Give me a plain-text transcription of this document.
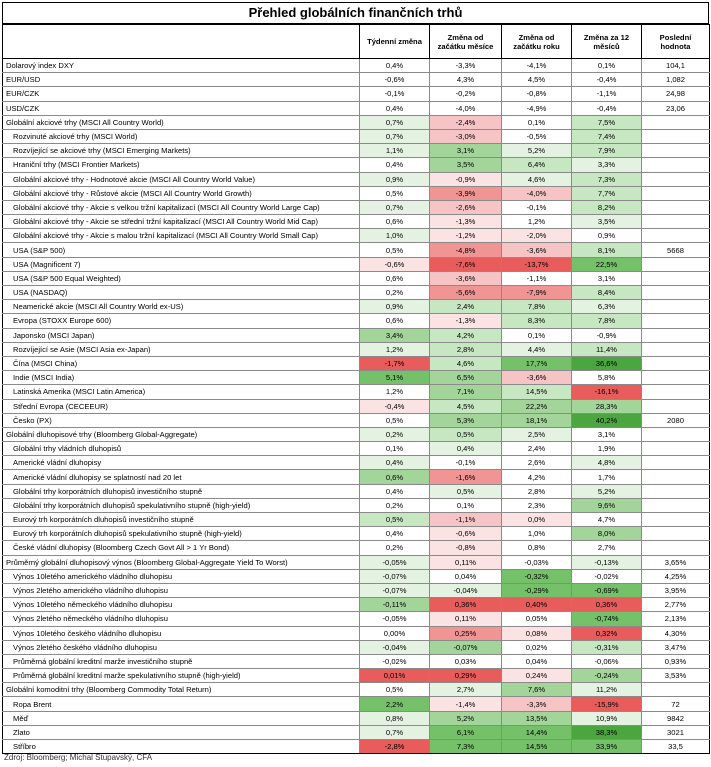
Přehled globálních finančních trhů
	Týdenní změna	Změna od začátku měsíce	Změna od začátku roku	Změna za 12 měsíců	Poslední hodnota
Dolarový index DXY	0,4%	-3,3%	-4,1%	0,1%	104,1
EUR/USD	-0,6%	4,3%	4,5%	-0,4%	1,082
EUR/CZK	-0,1%	-0,2%	-0,8%	-1,1%	24,98
USD/CZK	0,4%	-4,0%	-4,9%	-0,4%	23,06
Globální akciové trhy (MSCI All Country World)	0,7%	-2,4%	0,1%	7,5%	
Rozvinuté akciové trhy (MSCI World)	0,7%	-3,0%	-0,5%	7,4%	
Rozvíjející se akciové trhy (MSCI Emerging Markets)	1,1%	3,1%	5,2%	7,9%	
Hraniční trhy (MSCI Frontier Markets)	0,4%	3,5%	6,4%	3,3%	
Globální akciové trhy - Hodnotové akcie (MSCI All Country World Value)	0,9%	-0,9%	4,6%	7,3%	
Globální akciové trhy - Růstové akcie (MSCI All Country World Growth)	0,5%	-3,9%	-4,0%	7,7%	
Globální akciové trhy - Akcie s velkou tržní kapitalizací (MSCI All Country World Large Cap)	0,7%	-2,6%	-0,1%	8,2%	
Globální akciové trhy - Akcie se střední tržní kapitalizací (MSCI All Country World Mid Cap)	0,6%	-1,3%	1,2%	3,5%	
Globální akciové trhy - Akcie s malou tržní kapitalizací (MSCI All Country World Small Cap)	1,0%	-1,2%	-2,0%	0,9%	
USA (S&P 500)	0,5%	-4,8%	-3,6%	8,1%	5668
USA (Magnificent 7)	-0,6%	-7,6%	-13,7%	22,5%	
USA (S&P 500 Equal Weighted)	0,6%	-3,6%	-1,1%	3,1%	
USA (NASDAQ)	0,2%	-5,6%	-7,9%	8,4%	
Neamerické akcie (MSCI All Country World ex-US)	0,9%	2,4%	7,8%	6,3%	
Evropa (STOXX Europe 600)	0,6%	-1,3%	8,3%	7,8%	
Japonsko (MSCI Japan)	3,4%	4,2%	0,1%	-0,9%	
Rozvíjející se Asie (MSCI Asia ex-Japan)	1,2%	2,8%	4,4%	11,4%	
Čína (MSCI China)	-1,7%	4,6%	17,7%	36,6%	
Indie (MSCI India)	5,1%	6,5%	-3,6%	5,8%	
Latinská Amerika (MSCI Latin America)	1,2%	7,1%	14,5%	-16,1%	
Střední Evropa (CECEEUR)	-0,4%	4,5%	22,2%	28,3%	
Česko (PX)	0,5%	5,3%	18,1%	40,2%	2080
Globální dluhopisové trhy (Bloomberg Global-Aggregate)	0,2%	0,5%	2,5%	3,1%	
Globální trhy vládních dluhopisů	0,1%	0,4%	2,4%	1,9%	
Americké vládní dluhopisy	0,4%	-0,1%	2,6%	4,8%	
Americké vládní dluhopisy se splatností nad 20 let	0,6%	-1,6%	4,2%	1,7%	
Globální trhy korporátních dluhopisů investičního stupně	0,4%	0,5%	2,8%	5,2%	
Globální trhy korporátních dluhopisů spekulativního stupně (high-yield)	0,2%	0,1%	2,3%	9,6%	
Eurový trh korporátních dluhopisů investičního stupně	0,5%	-1,1%	0,0%	4,7%	
Eurový trh korporátních dluhopisů spekulativního stupně (high-yield)	0,4%	-0,6%	1,0%	8,0%	
České vládní dluhopisy (Bloomberg Czech Govt All > 1 Yr Bond)	0,2%	-0,8%	0,8%	2,7%	
Průměrný globální dluhopisový výnos (Bloomberg Global-Aggregate Yield To Worst)	-0,05%	0,11%	-0,03%	-0,13%	3,65%
Výnos 10letého amerického vládního dluhopisu	-0,07%	0,04%	-0,32%	-0,02%	4,25%
Výnos 2letého amerického vládního dluhopisu	-0,07%	-0,04%	-0,29%	-0,69%	3,95%
Výnos 10letého německého vládního dluhopisu	-0,11%	0,36%	0,40%	0,36%	2,77%
Výnos 2letého německého vládního dluhopisu	-0,05%	0,11%	0,05%	-0,74%	2,13%
Výnos 10letého českého vládního dluhopisu	0,00%	0,25%	0,08%	0,32%	4,30%
Výnos 2letého českého vládního dluhopisu	-0,04%	-0,07%	0,02%	-0,31%	3,47%
Průměrná globální kreditní marže investičního stupně	-0,02%	0,03%	0,04%	-0,06%	0,93%
Průměrná globální kreditní marže spekulativního stupně (high-yield)	0,01%	0,29%	0,24%	-0,24%	3,53%
Globální komoditní trhy (Bloomberg Commodity Total Return)	0,5%	2,7%	7,6%	11,2%	
Ropa Brent	2,2%	-1,4%	-3,3%	-15,9%	72
Měď	0,8%	5,2%	13,5%	10,9%	9842
Zlato	0,7%	6,1%	14,4%	38,3%	3021
Stříbro	-2,8%	7,3%	14,5%	33,9%	33,5
Zdroj: Bloomberg; Michal Stupavský, CFA
